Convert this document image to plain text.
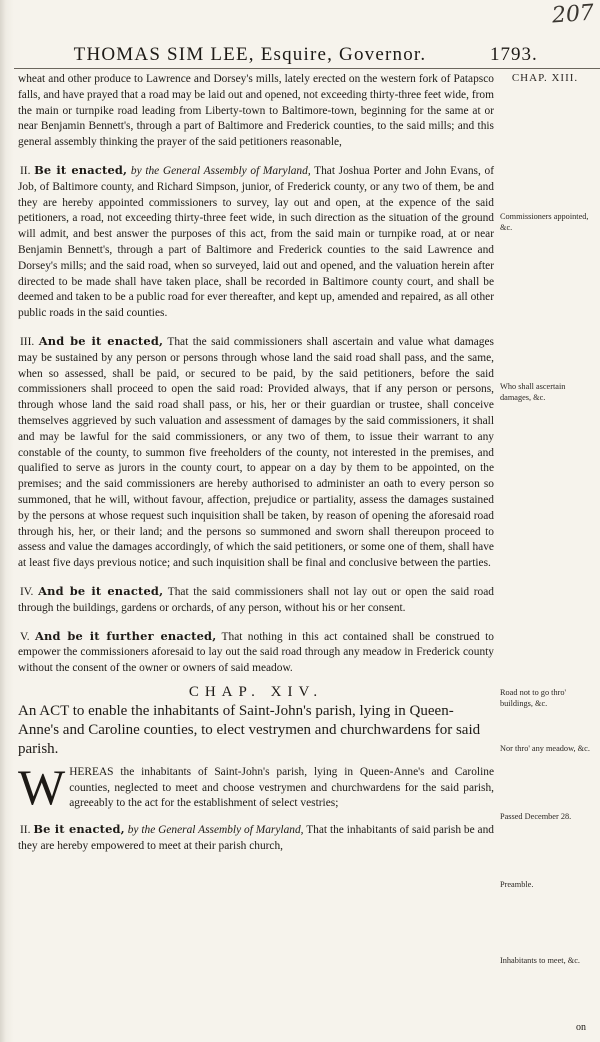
207
THOMAS SIM LEE, Esquire, Governor.	1793.
CHAP. XIII.
Commissioners appointed, &c.
Who shall ascertain damages, &c.
Road not to go thro' buildings, &c.
Nor thro' any meadow, &c.
Passed December 28.
Preamble.
Inhabitants to meet, &c.

wheat and other produce to Lawrence and Dorsey's mills, lately erected on the western fork of Patapsco falls, and have prayed that a road may be laid out and opened, not exceeding thirty-three feet wide, from the main or turnpike road leading from Liberty-town to Baltimore-town, beginning for the same at or near Benjamin Bennett's, through a part of Baltimore and Frederick counties, to the said mills; and this general assembly thinking the prayer of the said petitioners reasonable,

II. Be it enacted, by the General Assembly of Maryland, That Joshua Porter and John Evans, of Job, of Baltimore county, and Richard Simpson, junior, of Frederick county, or any two of them, be and they are hereby appointed commissioners to survey, lay out and open, at the expence of the said petitioners, a road, not exceeding thirty-three feet wide, in such direction as the situation of the ground will admit, and best answer the purposes of this act, from the said main or turnpike road, at or near Benjamin Bennett's, through a part of Baltimore and Frederick counties to the said Lawrence and Dorsey's mills; and the said road, when so surveyed, laid out and opened, and the valuation herein after directed to be made shall have taken place, shall be recorded in Baltimore county court, and shall be deemed and taken to be a public road for ever thereafter, and kept up, amended and repaired, as all other public roads in the said counties.

III. And be it enacted, That the said commissioners shall ascertain and value what damages may be sustained by any person or persons through whose land the said road shall pass, and the same, when so assessed, shall be paid, or secured to be paid, by the said petitioners, before the said commissioners shall proceed to open the said road: Provided always, that if any person or persons, through whose land the said road shall pass, or his, her or their guardian or trustee, shall conceive themselves aggrieved by such valuation and assessment of damages by the said commissioners, it shall and may be lawful for the said commissioners, or any two of them, to issue their warrant to any constable of the county, to summon five freeholders of the county, not interested in the premises, and qualified to serve as jurors in the county court, to appear on a day by them to be appointed, on the premises; and the said commissioners are hereby authorised to administer an oath to every person so summoned, that he will, without favour, affection, prejudice or partiality, assess the damages sustained by the persons at whose request such inquisition shall be taken, by reason of opening the aforesaid road through his, her, or their land; and the persons so summoned and sworn shall thereupon proceed to assess and value the damages accordingly, of which the said petitioners, or some one of them, shall have at least five days previous notice; and such inquisition shall be final and conclusive between the parties.

IV. And be it enacted, That the said commissioners shall not lay out or open the said road through the buildings, gardens or orchards, of any person, without his or her consent.

V. And be it further enacted, That nothing in this act contained shall be construed to empower the commissioners aforesaid to lay out the said road through any meadow in Frederick county without the consent of the owner or owners of said meadow.

CHAP. XIV.
An ACT to enable the inhabitants of Saint-John's parish, lying in Queen-Anne's and Caroline counties, to elect vestrymen and churchwardens for said parish.

WHEREAS the inhabitants of Saint-John's parish, lying in Queen-Anne's and Caroline counties, neglected to meet and choose vestrymen and churchwardens for the said parish, agreeably to the act for the establishment of select vestries;

II. Be it enacted, by the General Assembly of Maryland, That the inhabitants of said parish be and they are hereby empowered to meet at their parish church,

on
